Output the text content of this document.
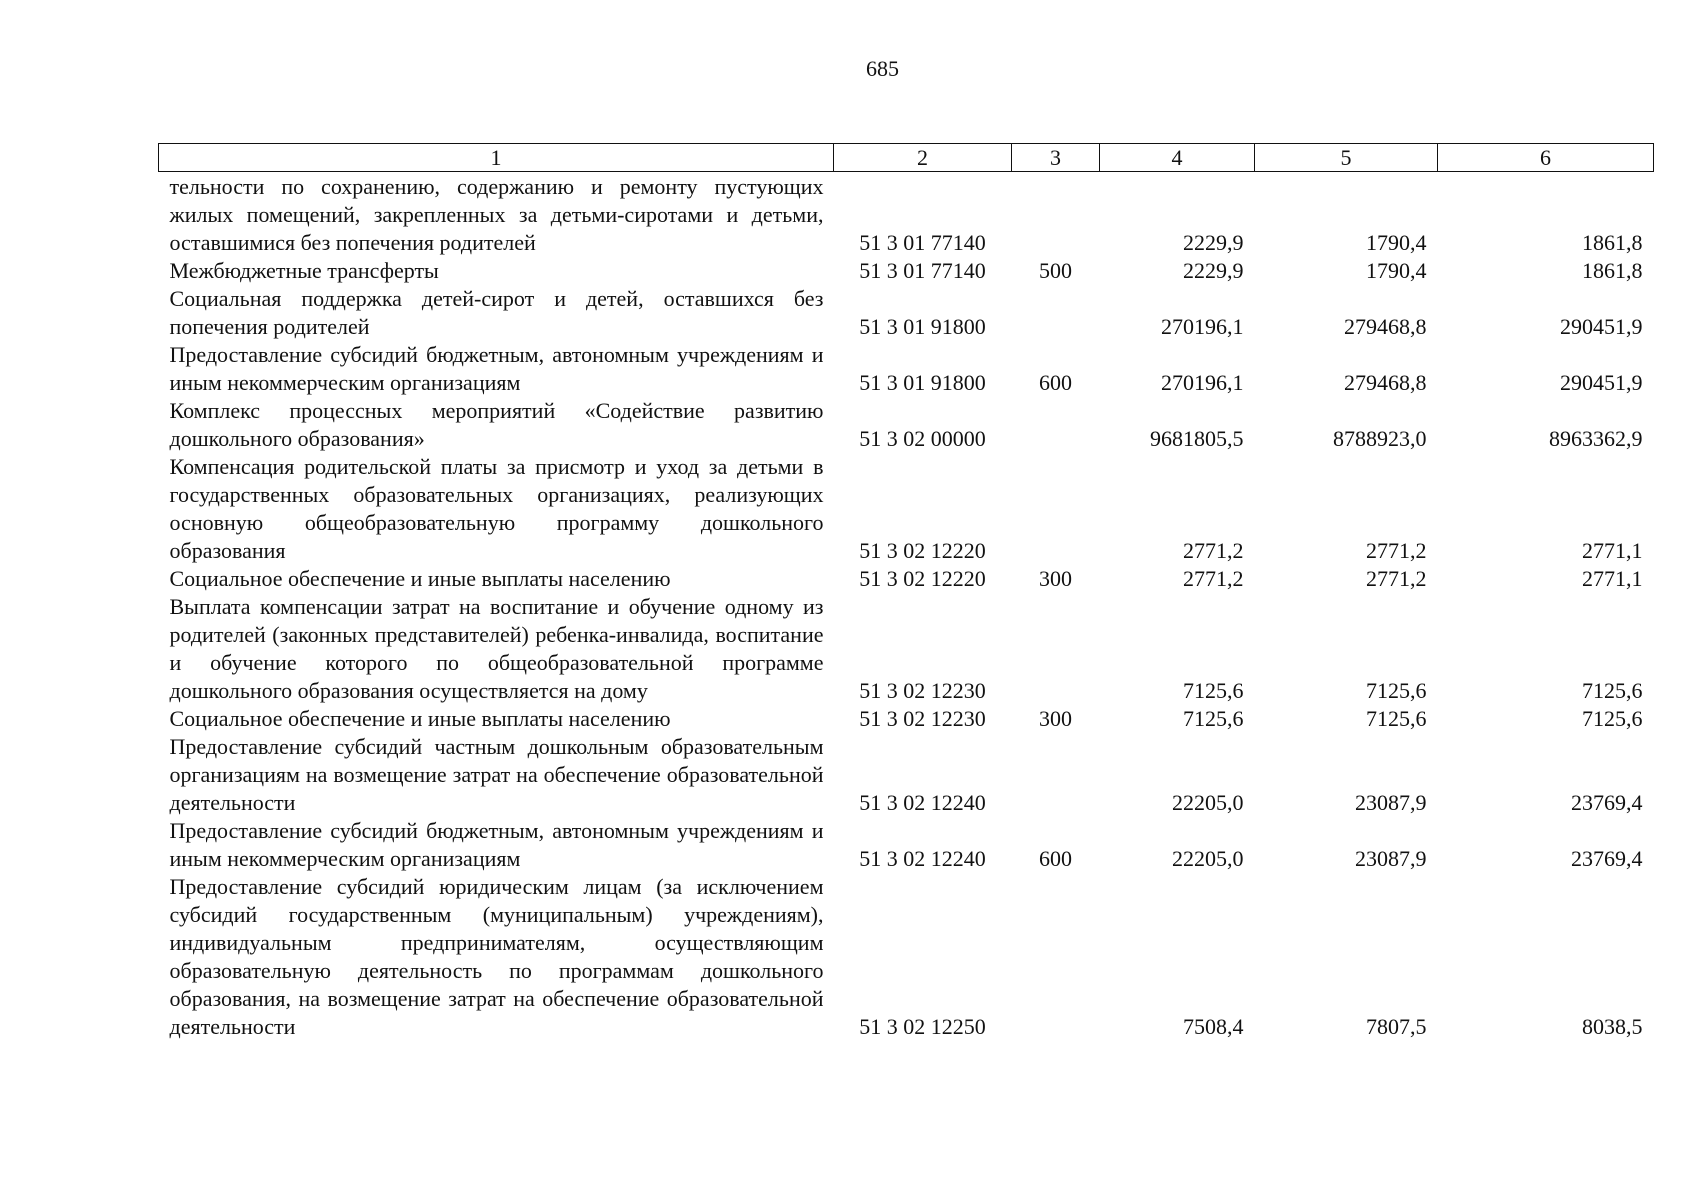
685
1	2	3	4	5	6
тельности по сохранению, содержанию и ремонту пустующих жилых помещений, закрепленных за детьми-сиротами и детьми, оставшимися без попечения родителей	51 3 01 77140		2229,9	1790,4	1861,8
Межбюджетные трансферты	51 3 01 77140	500	2229,9	1790,4	1861,8
Социальная поддержка детей-сирот и детей, оставшихся без попечения родителей	51 3 01 91800		270196,1	279468,8	290451,9
Предоставление субсидий бюджетным, автономным учреждениям и иным некоммерческим организациям	51 3 01 91800	600	270196,1	279468,8	290451,9
Комплекс процессных мероприятий «Содействие развитию дошкольного образования»	51 3 02 00000		9681805,5	8788923,0	8963362,9
Компенсация родительской платы за присмотр и уход за детьми в государственных образовательных организациях, реализующих основную общеобразовательную программу дошкольного образования	51 3 02 12220		2771,2	2771,2	2771,1
Социальное обеспечение и иные выплаты населению	51 3 02 12220	300	2771,2	2771,2	2771,1
Выплата компенсации затрат на воспитание и обучение одному из родителей (законных представителей) ребенка-инвалида, воспитание и обучение которого по общеобразовательной программе дошкольного образования осуществляется на дому	51 3 02 12230		7125,6	7125,6	7125,6
Социальное обеспечение и иные выплаты населению	51 3 02 12230	300	7125,6	7125,6	7125,6
Предоставление субсидий частным дошкольным образовательным организациям на возмещение затрат на обеспечение образовательной деятельности	51 3 02 12240		22205,0	23087,9	23769,4
Предоставление субсидий бюджетным, автономным учреждениям и иным некоммерческим организациям	51 3 02 12240	600	22205,0	23087,9	23769,4
Предоставление субсидий юридическим лицам (за исключением субсидий государственным (муниципальным) учреждениям), индивидуальным предпринимателям, осуществляющим образовательную деятельность по программам дошкольного образования, на возмещение затрат на обеспечение образовательной деятельности	51 3 02 12250		7508,4	7807,5	8038,5
